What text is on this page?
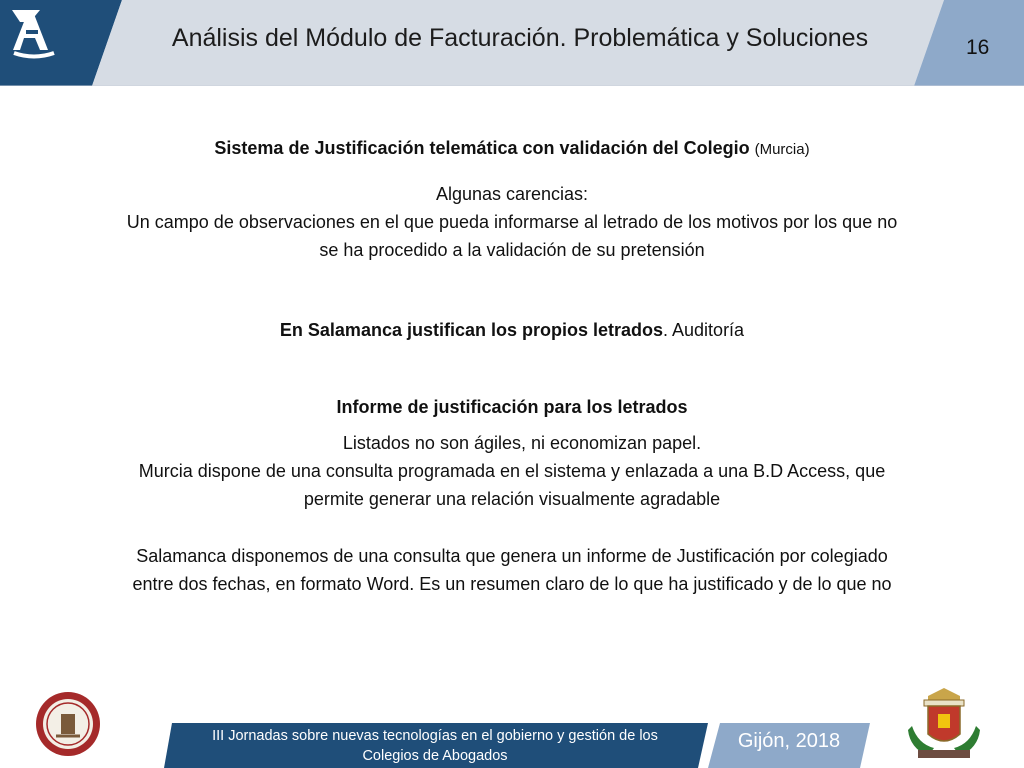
Análisis del Módulo de Facturación. Problemática y Soluciones	16
Sistema de Justificación telemática con validación del Colegio (Murcia)
Algunas carencias:
Un campo de observaciones en el que pueda informarse al letrado de los motivos por los que no
se ha procedido a la validación de su pretensión
En Salamanca justifican los propios letrados. Auditoría
Informe de justificación para los letrados
Listados no son ágiles, ni economizan papel.
Murcia dispone de una consulta programada en el sistema y enlazada a una B.D Access, que
permite generar una relación visualmente agradable
Salamanca disponemos de una consulta que genera un informe de Justificación por colegiado
entre dos fechas, en formato Word. Es un resumen claro de lo que ha justificado y de lo que no
III Jornadas sobre nuevas tecnologías en el gobierno y gestión de los
Colegios de Abogados
Gijón, 2018
